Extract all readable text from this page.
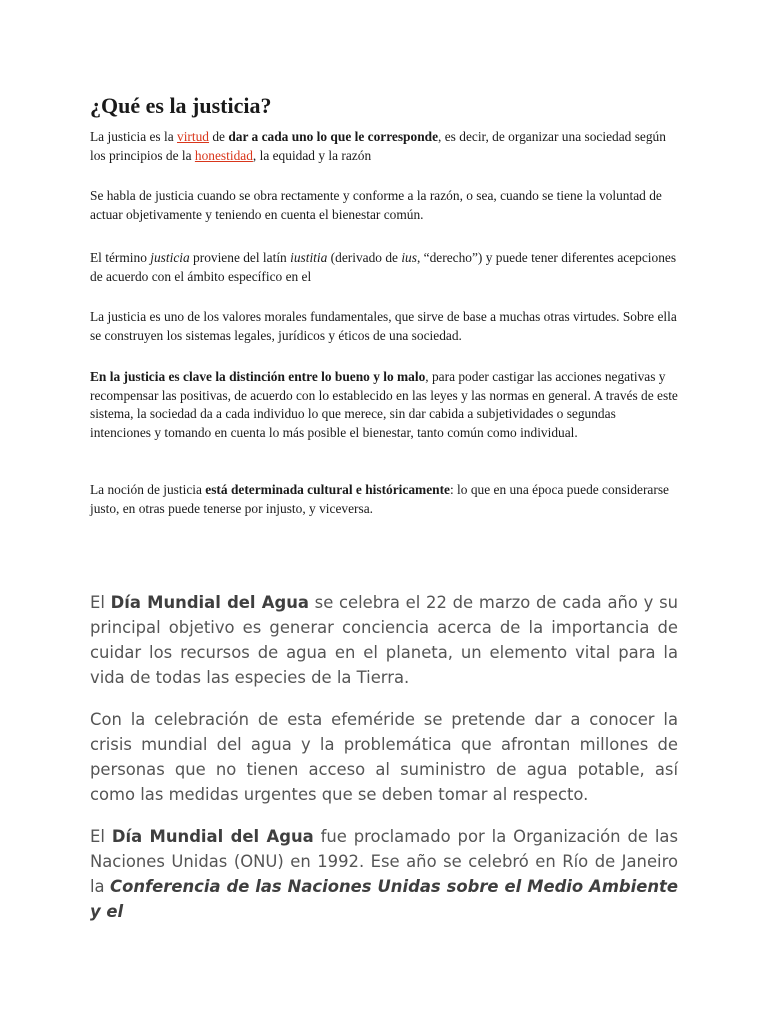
¿Qué es la justicia?

La justicia es la virtud de dar a cada uno lo que le corresponde, es decir, de organizar una sociedad según los principios de la honestidad, la equidad y la razón

Se habla de justicia cuando se obra rectamente y conforme a la razón, o sea, cuando se tiene la voluntad de actuar objetivamente y teniendo en cuenta el bienestar común.

El término justicia proviene del latín iustitia (derivado de ius, “derecho”) y puede tener diferentes acepciones de acuerdo con el ámbito específico en el

La justicia es uno de los valores morales fundamentales, que sirve de base a muchas otras virtudes. Sobre ella se construyen los sistemas legales, jurídicos y éticos de una sociedad.

En la justicia es clave la distinción entre lo bueno y lo malo, para poder castigar las acciones negativas y recompensar las positivas, de acuerdo con lo establecido en las leyes y las normas en general. A través de este sistema, la sociedad da a cada individuo lo que merece, sin dar cabida a subjetividades o segundas intenciones y tomando en cuenta lo más posible el bienestar, tanto común como individual.

La noción de justicia está determinada cultural e históricamente: lo que en una época puede considerarse justo, en otras puede tenerse por injusto, y viceversa.

El Día Mundial del Agua se celebra el 22 de marzo de cada año y su principal objetivo es generar conciencia acerca de la importancia de cuidar los recursos de agua en el planeta, un elemento vital para la vida de todas las especies de la Tierra.

Con la celebración de esta efeméride se pretende dar a conocer la crisis mundial del agua y la problemática que afrontan millones de personas que no tienen acceso al suministro de agua potable, así como las medidas urgentes que se deben tomar al respecto.

El Día Mundial del Agua fue proclamado por la Organización de las Naciones Unidas (ONU) en 1992. Ese año se celebró en Río de Janeiro la Conferencia de las Naciones Unidas sobre el Medio Ambiente y el
